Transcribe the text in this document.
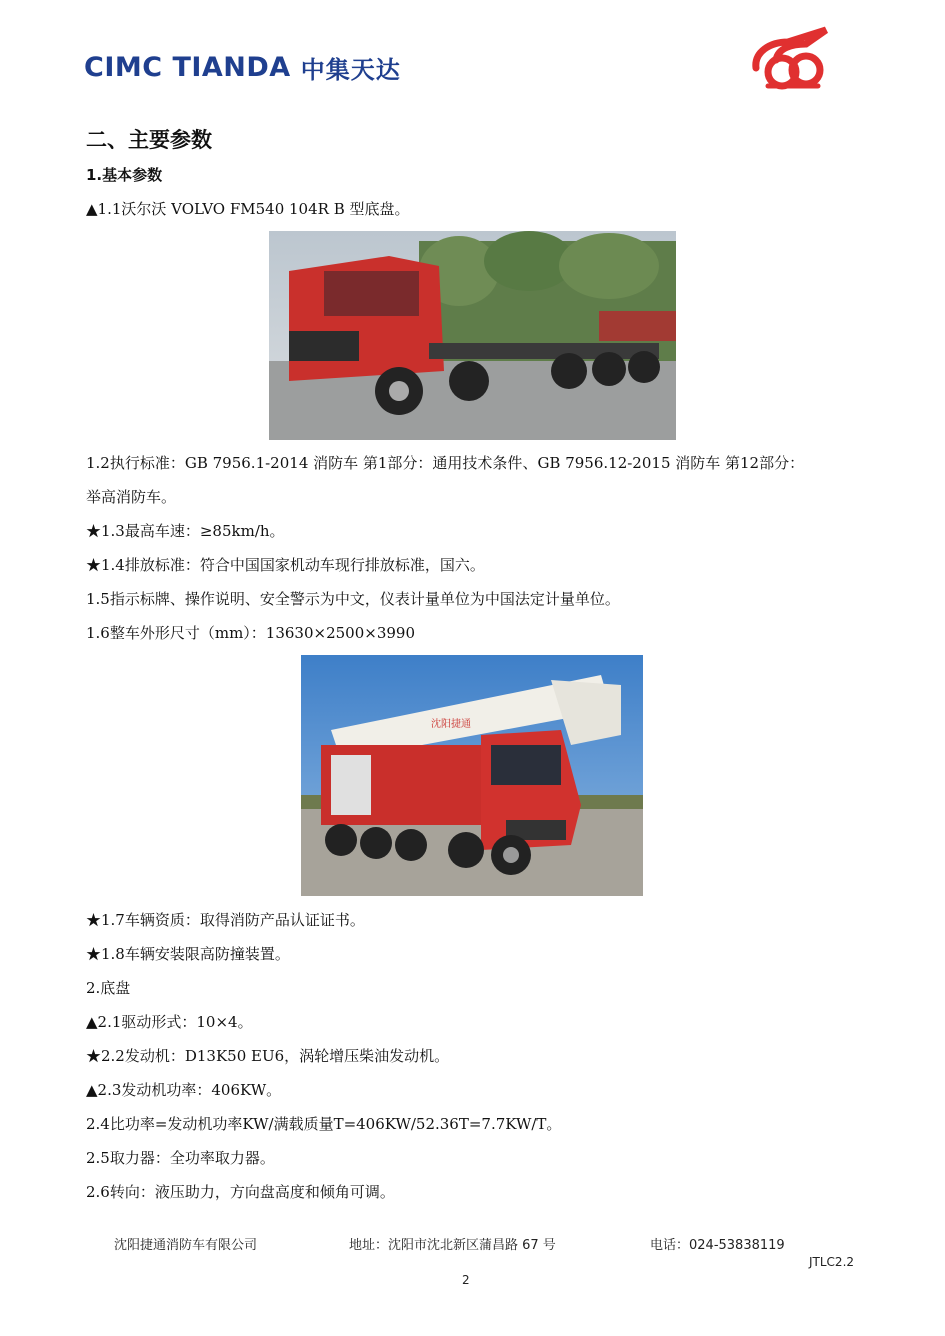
CIMC TIANDA 中集天达
二、主要参数
1.基本参数
▲1.1沃尔沃 VOLVO FM540 104R B 型底盘。
1.2执行标准：GB 7956.1-2014 消防车 第1部分：通用技术条件、GB 7956.12-2015 消防车 第12部分：
举高消防车。
★1.3最高车速：≥85km/h。
★1.4排放标准：符合中国国家机动车现行排放标准，国六。
1.5指示标牌、操作说明、安全警示为中文，仪表计量单位为中国法定计量单位。
1.6整车外形尺寸（mm）：13630×2500×3990
沈阳捷通
★1.7车辆资质：取得消防产品认证证书。
★1.8车辆安装限高防撞装置。
2.底盘
▲2.1驱动形式：10×4。
★2.2发动机：D13K50 EU6，涡轮增压柴油发动机。
▲2.3发动机功率：406KW。
2.4比功率=发动机功率KW/满载质量T=406KW/52.36T=7.7KW/T。
2.5取力器：全功率取力器。
2.6转向：液压助力，方向盘高度和倾角可调。
沈阳捷通消防车有限公司	地址：沈阳市沈北新区蒲昌路 67 号	电话：024-53838119
JTLC2.2
2
